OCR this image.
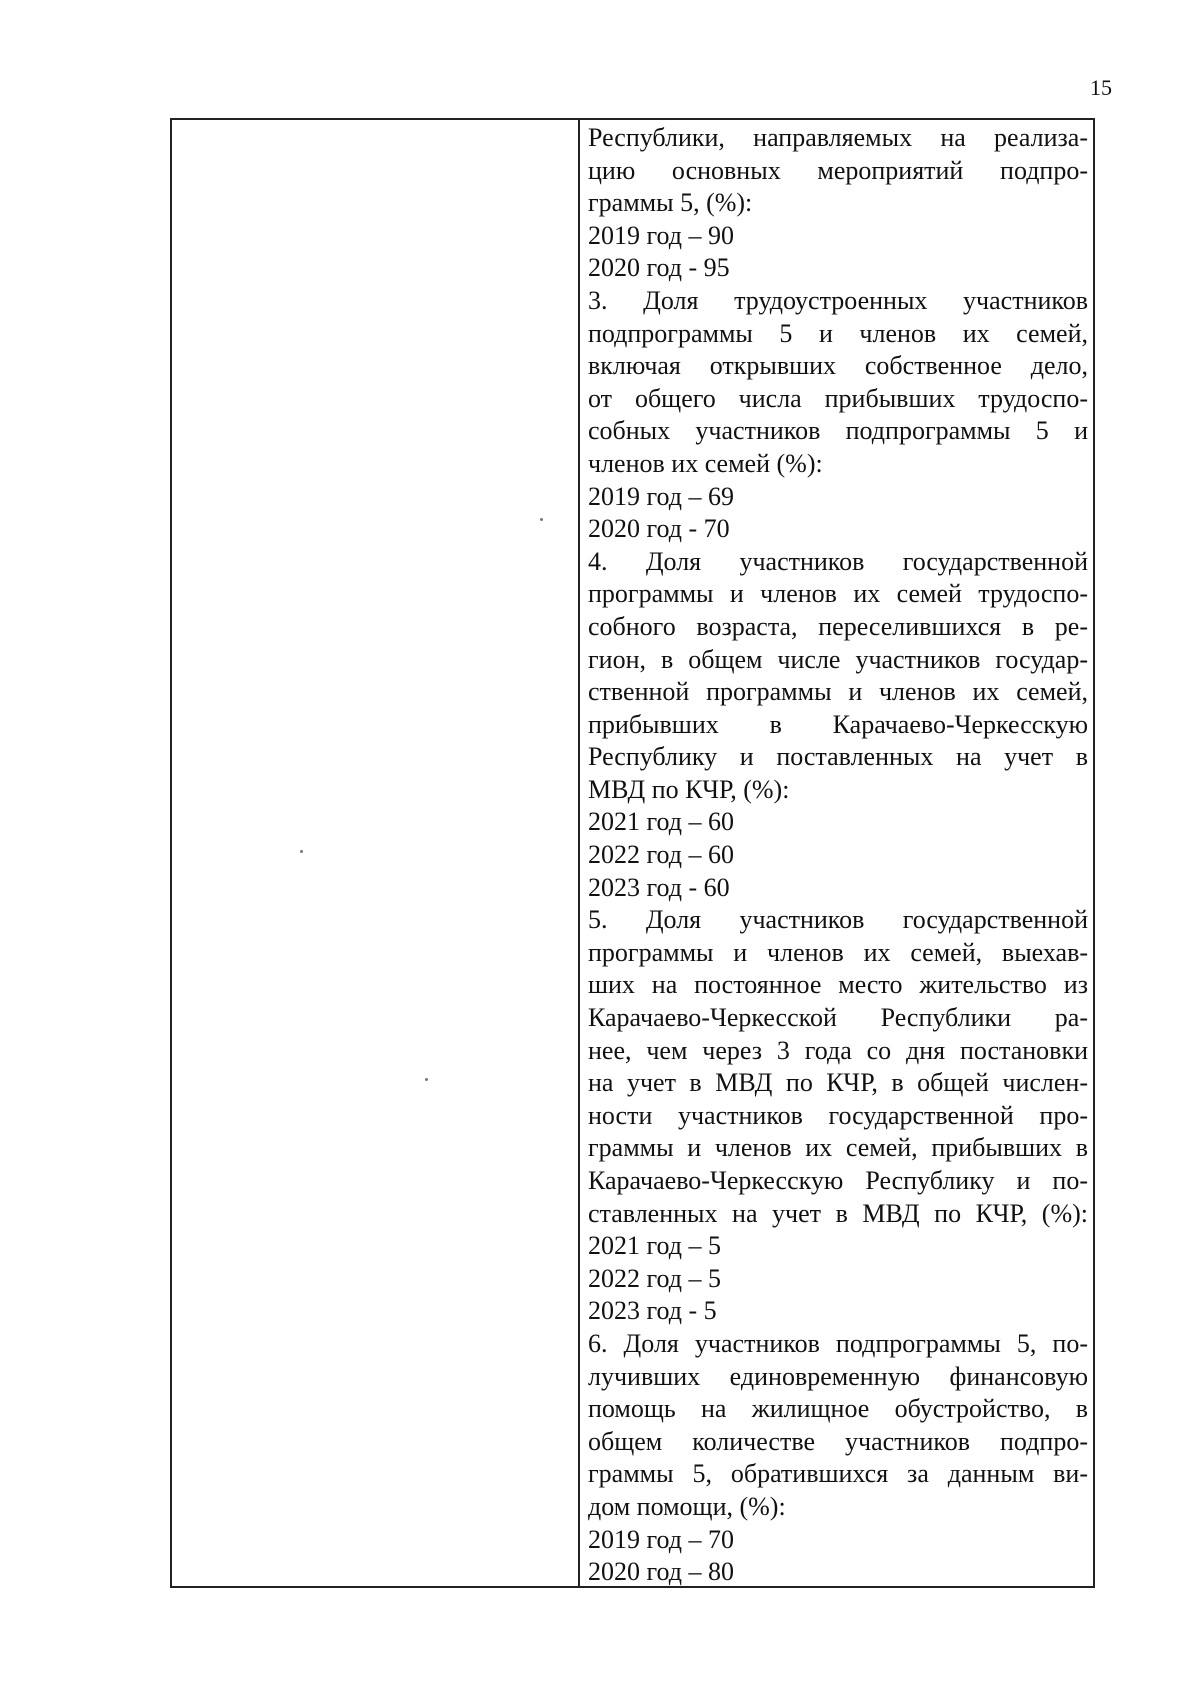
15
Республики, направляемых на реализа-
цию основных мероприятий подпро-
граммы 5, (%):
2019 год – 90
2020 год - 95
3. Доля трудоустроенных участников
подпрограммы 5 и членов их семей,
включая открывших собственное дело,
от общего числа прибывших трудоспо-
собных участников подпрограммы 5 и
членов их семей (%):
2019 год – 69
2020 год - 70
4. Доля участников государственной
программы и членов их семей трудоспо-
собного возраста, переселившихся в ре-
гион, в общем числе участников государ-
ственной программы и членов их семей,
прибывших в Карачаево-Черкесскую
Республику и поставленных на учет в
МВД по КЧР, (%):
2021 год – 60
2022 год – 60
2023 год - 60
5. Доля участников государственной
программы и членов их семей, выехав-
ших на постоянное место жительство из
Карачаево-Черкесской Республики ра-
нее, чем через 3 года со дня постановки
на учет в МВД по КЧР, в общей числен-
ности участников государственной про-
граммы и членов их семей, прибывших в
Карачаево-Черкесскую Республику и по-
ставленных на учет в МВД по КЧР, (%):
2021 год – 5
2022 год – 5
2023 год - 5
6. Доля участников подпрограммы 5, по-
лучивших единовременную финансовую
помощь на жилищное обустройство, в
общем количестве участников подпро-
граммы 5, обратившихся за данным ви-
дом помощи, (%):
2019 год – 70
2020 год – 80
